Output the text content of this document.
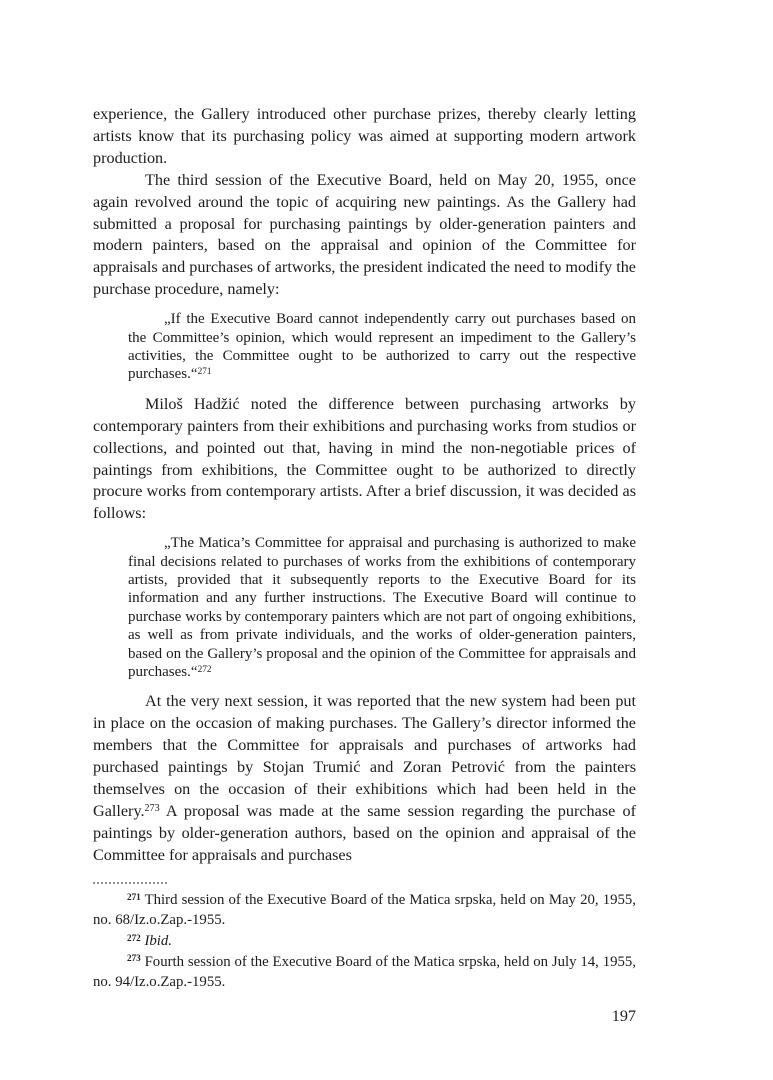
experience, the Gallery introduced other purchase prizes, thereby clearly letting artists know that its purchasing policy was aimed at supporting modern artwork production.

The third session of the Executive Board, held on May 20, 1955, once again revolved around the topic of acquiring new paintings. As the Gallery had submitted a proposal for purchasing paintings by older-generation painters and modern painters, based on the appraisal and opinion of the Committee for appraisals and purchases of artworks, the president indicated the need to modify the purchase procedure, namely:

„If the Executive Board cannot independently carry out purchases based on the Committee’s opinion, which would represent an impediment to the Gallery’s activities, the Committee ought to be authorized to carry out the respective purchases.“$^{271}$

Miloš Hadžić noted the difference between purchasing artworks by contemporary painters from their exhibitions and purchasing works from studios or collections, and pointed out that, having in mind the non-negotiable prices of paintings from exhibitions, the Committee ought to be authorized to directly procure works from contemporary artists. After a brief discussion, it was decided as follows:

„The Matica’s Committee for appraisal and purchasing is authorized to make final decisions related to purchases of works from the exhibitions of contemporary artists, provided that it subsequently reports to the Executive Board for its information and any further instructions. The Executive Board will continue to purchase works by contemporary painters which are not part of ongoing exhibitions, as well as from private individuals, and the works of older-generation painters, based on the Gallery’s proposal and the opinion of the Committee for appraisals and purchases.“$^{272}$

At the very next session, it was reported that the new system had been put in place on the occasion of making purchases. The Gallery’s director informed the members that the Committee for appraisals and purchases of artworks had purchased paintings by Stojan Trumić and Zoran Petrović from the painters themselves on the occasion of their exhibitions which had been held in the Gallery.$^{273}$ A proposal was made at the same session regarding the purchase of paintings by older-generation authors, based on the opinion and appraisal of the Committee for appraisals and purchases

$^{271}$ Third session of the Executive Board of the Matica srpska, held on May 20, 1955, no. 68/Iz.o.Zap.-1955.

$^{272}$ Ibid.

$^{273}$ Fourth session of the Executive Board of the Matica srpska, held on July 14, 1955, no. 94/Iz.o.Zap.-1955.

197
